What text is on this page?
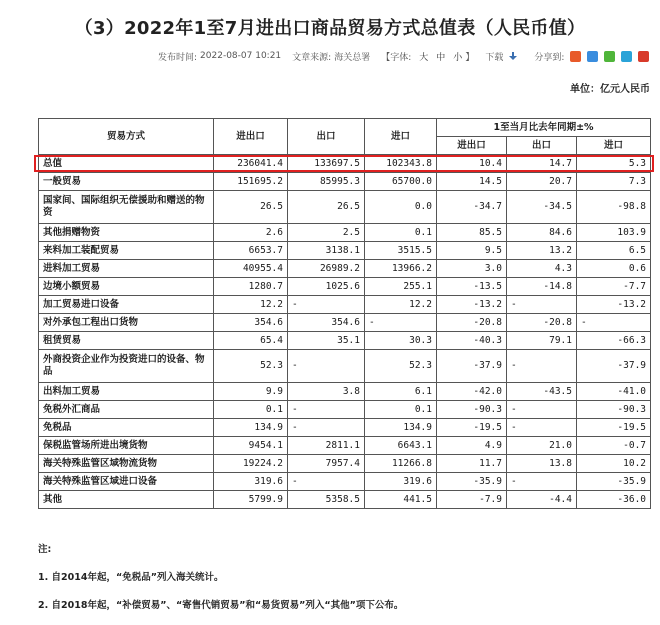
（3）2022年1至7月进出口商品贸易方式总值表（人民币值）
发布时间: 2022-08-07 10:21 文章来源: 海关总署 【字体: 大 中 小 】 下载	分享到:
单位：亿元人民币
贸易方式	进出口	出口	进口	1至当月比去年同期±%		
				进出口	出口	进口
总值	236041.4	133697.5	102343.8	10.4	14.7	5.3
一般贸易	151695.2	85995.3	65700.0	14.5	20.7	7.3
国家间、国际组织无偿援助和赠送的物资	26.5	26.5	0.0	-34.7	-34.5	-98.8
其他捐赠物资	2.6	2.5	0.1	85.5	84.6	103.9
来料加工装配贸易	6653.7	3138.1	3515.5	9.5	13.2	6.5
进料加工贸易	40955.4	26989.2	13966.2	3.0	4.3	0.6
边境小额贸易	1280.7	1025.6	255.1	-13.5	-14.8	-7.7
加工贸易进口设备	12.2	-	12.2	-13.2	-	-13.2
对外承包工程出口货物	354.6	354.6	-	-20.8	-20.8	-
租赁贸易	65.4	35.1	30.3	-40.3	79.1	-66.3
外商投资企业作为投资进口的设备、物品	52.3	-	52.3	-37.9	-	-37.9
出料加工贸易	9.9	3.8	6.1	-42.0	-43.5	-41.0
免税外汇商品	0.1	-	0.1	-90.3	-	-90.3
免税品	134.9	-	134.9	-19.5	-	-19.5
保税监管场所进出境货物	9454.1	2811.1	6643.1	4.9	21.0	-0.7
海关特殊监管区域物流货物	19224.2	7957.4	11266.8	11.7	13.8	10.2
海关特殊监管区域进口设备	319.6	-	319.6	-35.9	-	-35.9
其他	5799.9	5358.5	441.5	-7.9	-4.4	-36.0
注:
1. 自2014年起，“免税品”列入海关统计。
2. 自2018年起，“补偿贸易”、“寄售代销贸易”和“易货贸易”列入“其他”项下公布。
